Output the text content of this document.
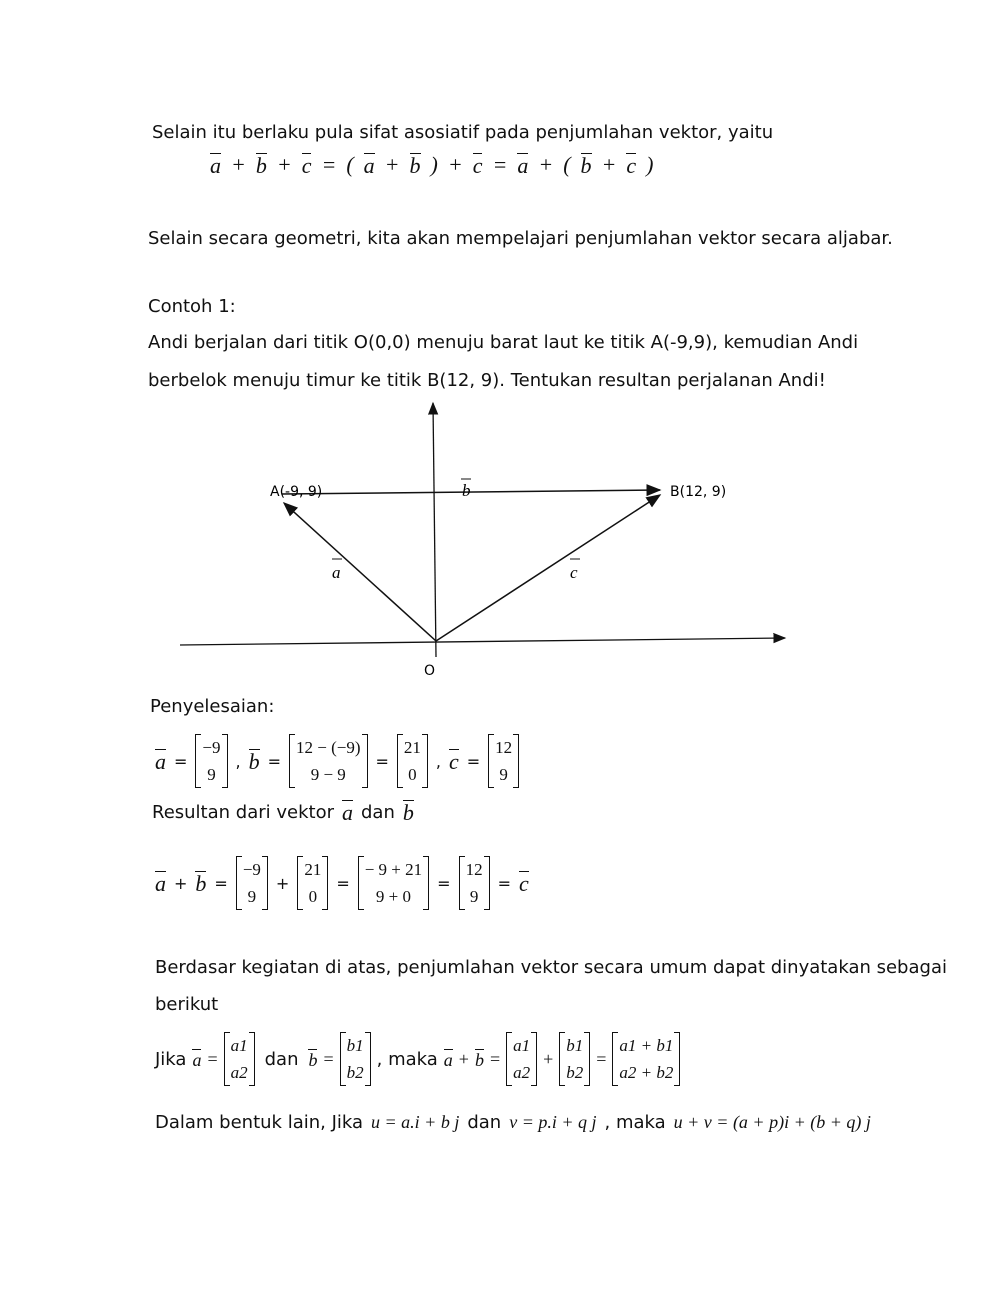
Selain itu berlaku pula sifat asosiatif pada penjumlahan vektor, yaitu
a + b + c = ( a + b ) + c = a + ( b + c )
Selain secara geometri, kita akan mempelajari penjumlahan vektor secara aljabar.
Contoh 1:
Andi berjalan dari titik O(0,0) menuju barat laut ke titik A(-9,9), kemudian Andi
berbelok menuju timur ke titik B(12, 9). Tentukan resultan perjalanan Andi!
A(-9, 9)	B(12, 9)
O
a
b
c
Penyelesaian:
a =
−9
9
, b =
12 − (−9)
9 − 9
=
21
0
, c =
12
9
Resultan dari vektor a dan b
a + b =
−9
9
+
21
0
=
− 9 + 21
9 + 0
=
12
9
= c
Berdasar kegiatan di atas, penjumlahan vektor secara umum dapat dinyatakan sebagai
berikut
Jika a =
a1
a2
dan b =
b1
b2
, maka a + b =
a1
a2
+
b1
b2
=
a1 + b1
a2 + b2
Dalam bentuk lain, Jika u = a.i + b j dan v = p.i + q j , maka u + v = (a + p)i + (b + q) j
